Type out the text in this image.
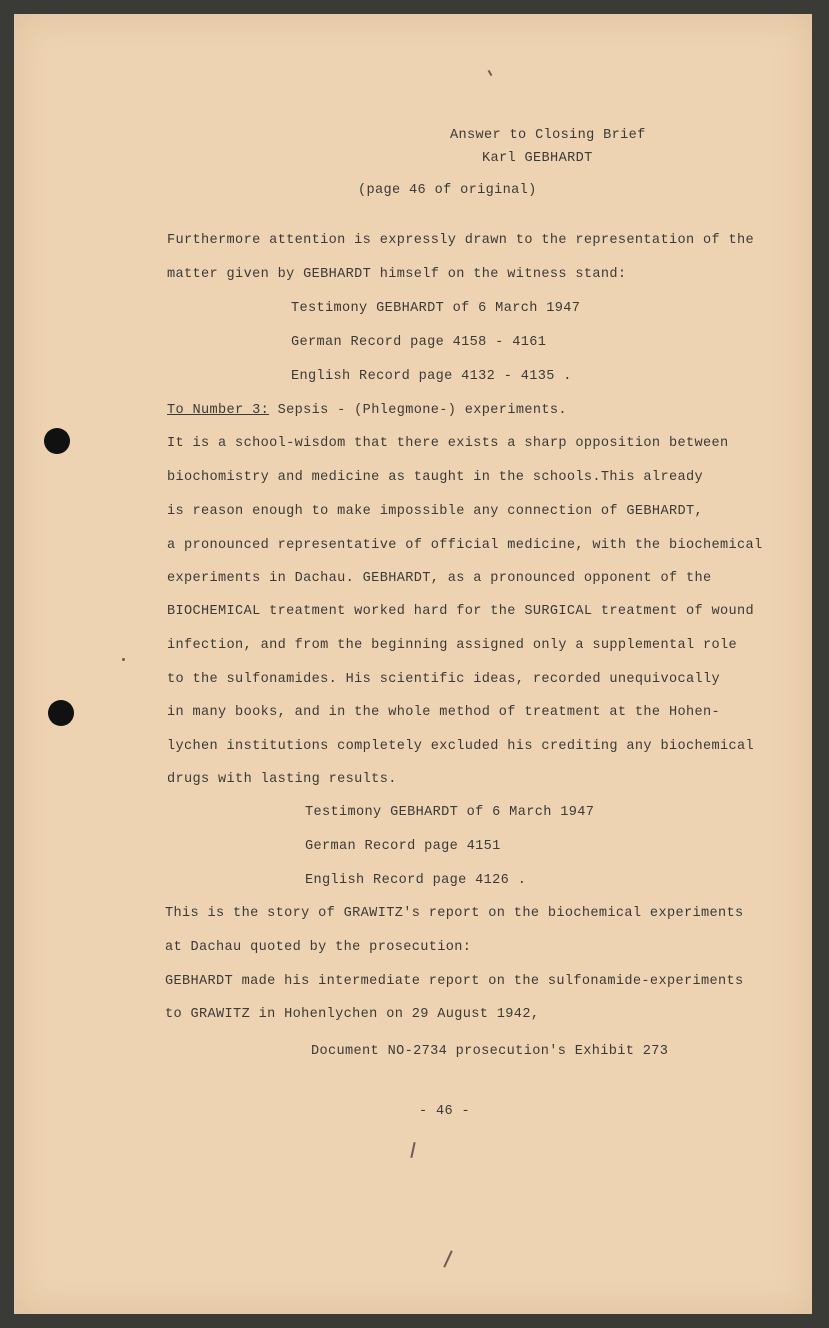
Answer to Closing Brief
Karl GEBHARDT
(page 46 of original)
Furthermore attention is expressly drawn to the representation of the
matter given by GEBHARDT himself on the witness stand:
Testimony GEBHARDT of 6 March 1947
German Record page 4158 - 4161
English Record page 4132 - 4135 .
To Number 3: Sepsis - (Phlegmone-) experiments.
It is a school-wisdom that there exists a sharp opposition between
biochomistry and medicine as taught in the schools.This already
is reason enough to make impossible any connection of GEBHARDT,
a pronounced representative of official medicine, with the biochemical
experiments in Dachau. GEBHARDT, as a pronounced opponent of the
BIOCHEMICAL treatment worked hard for the SURGICAL treatment of wound
infection, and from the beginning assigned only a supplemental role
to the sulfonamides. His scientific ideas, recorded unequivocally
in many books, and in the whole method of treatment at the Hohen-
lychen institutions completely excluded his crediting any biochemical
drugs with lasting results.
Testimony GEBHARDT of 6 March 1947
German Record page 4151
English Record page 4126 .
This is the story of GRAWITZ's report on the biochemical experiments
at Dachau quoted by the prosecution:
GEBHARDT made his intermediate report on the sulfonamide-experiments
to GRAWITZ in Hohenlychen on 29 August 1942,
Document NO-2734 prosecution's Exhibit 273
- 46 -
